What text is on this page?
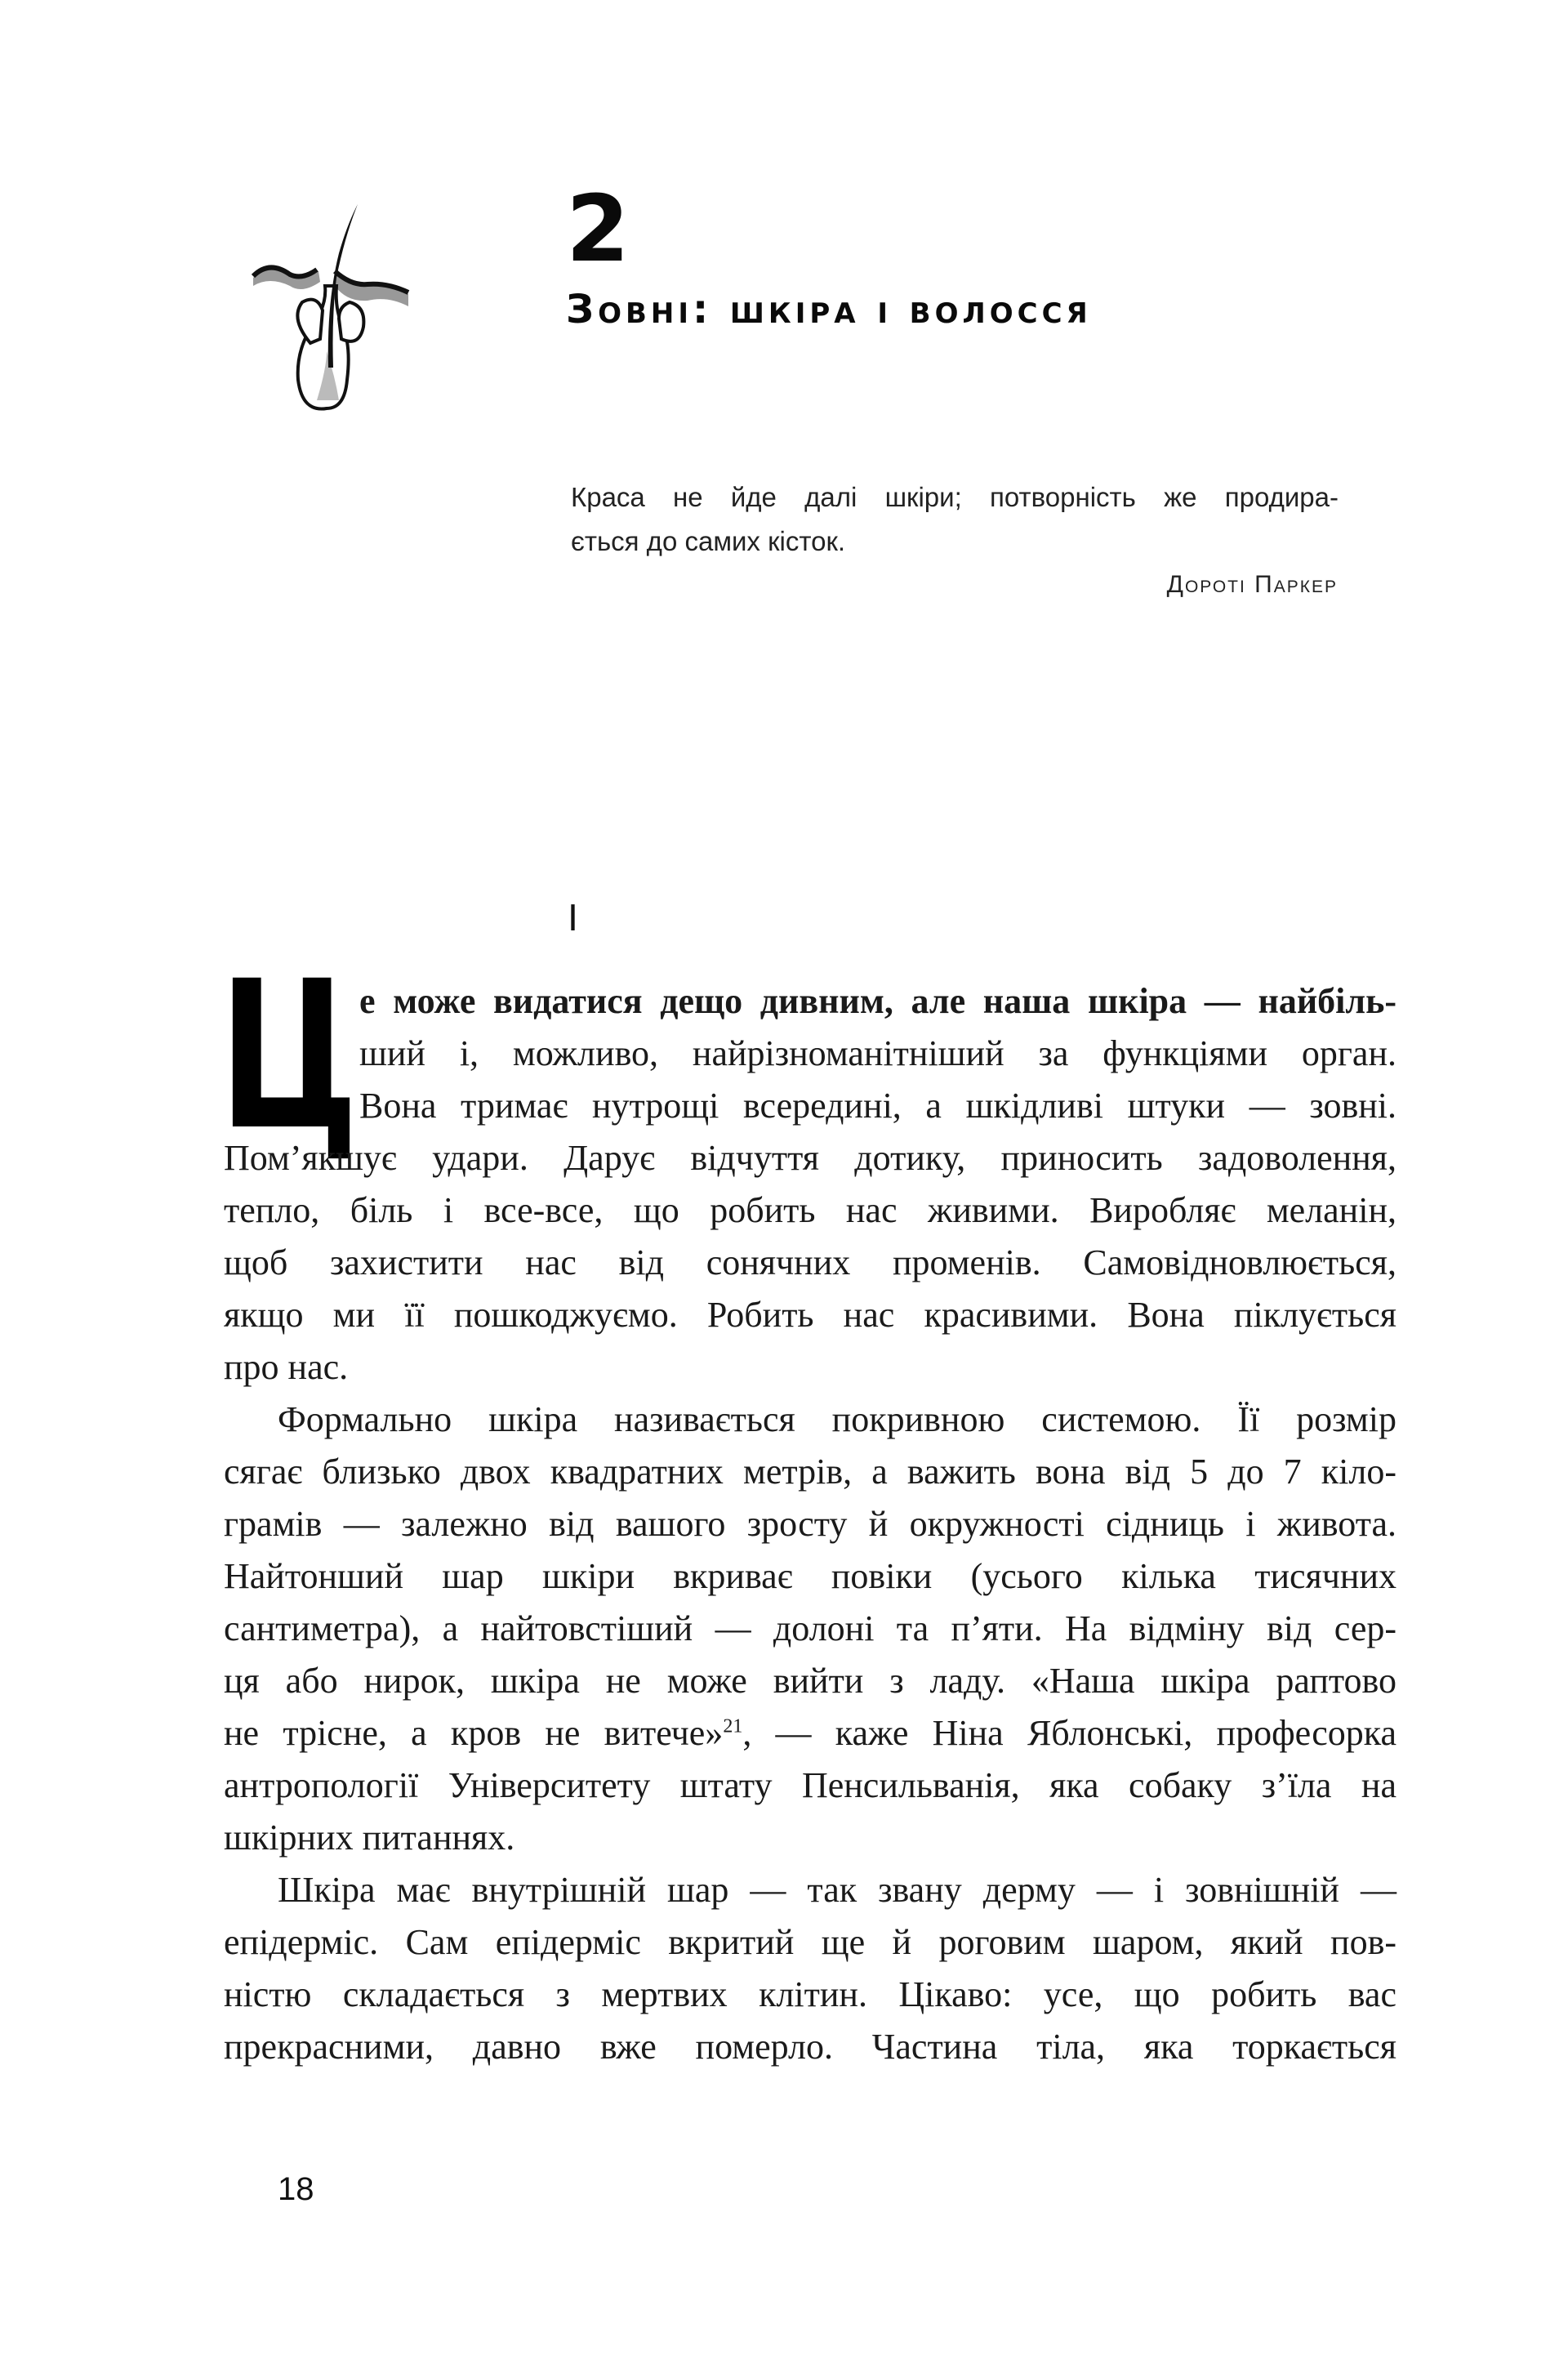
2
Зовні: шкіра і волосся
Краса не йде далі шкіри; потворність же продира-
ється до самих кісток.
Дороті Паркер
I
Ц е може видатися дещо дивним, але наша шкіра — найбіль-
ший і, можливо, найрізноманітніший за функціями орган.
Вона тримає нутрощі всередині, а шкідливі штуки — зовні.
Пом’якшує удари. Дарує відчуття дотику, приносить задоволення,
тепло, біль і все-все, що робить нас живими. Виробляє меланін,
щоб захистити нас від сонячних променів. Самовідновлюється,
якщо ми її пошкоджуємо. Робить нас красивими. Вона піклується
про нас.
Формально шкіра називається покривною системою. Її розмір
сягає близько двох квадратних метрів, а важить вона від 5 до 7 кіло-
грамів — залежно від вашого зросту й окружності сідниць і живота.
Найтонший шар шкіри вкриває повіки (усього кілька тисячних
сантиметра), а найтовстіший — долоні та п’яти. На відміну від сер-
ця або нирок, шкіра не може вийти з ладу. «Наша шкіра раптово
не трісне, а кров не витече»$^{21}$, — каже Ніна Яблонські, професорка
антропології Університету штату Пенсильванія, яка собаку з’їла на
шкірних питаннях.
Шкіра має внутрішній шар — так звану дерму — і зовнішній —
епідерміс. Сам епідерміс вкритий ще й роговим шаром, який пов-
ністю складається з мертвих клітин. Цікаво: усе, що робить вас
прекрасними, давно вже померло. Частина тіла, яка торкається
18
